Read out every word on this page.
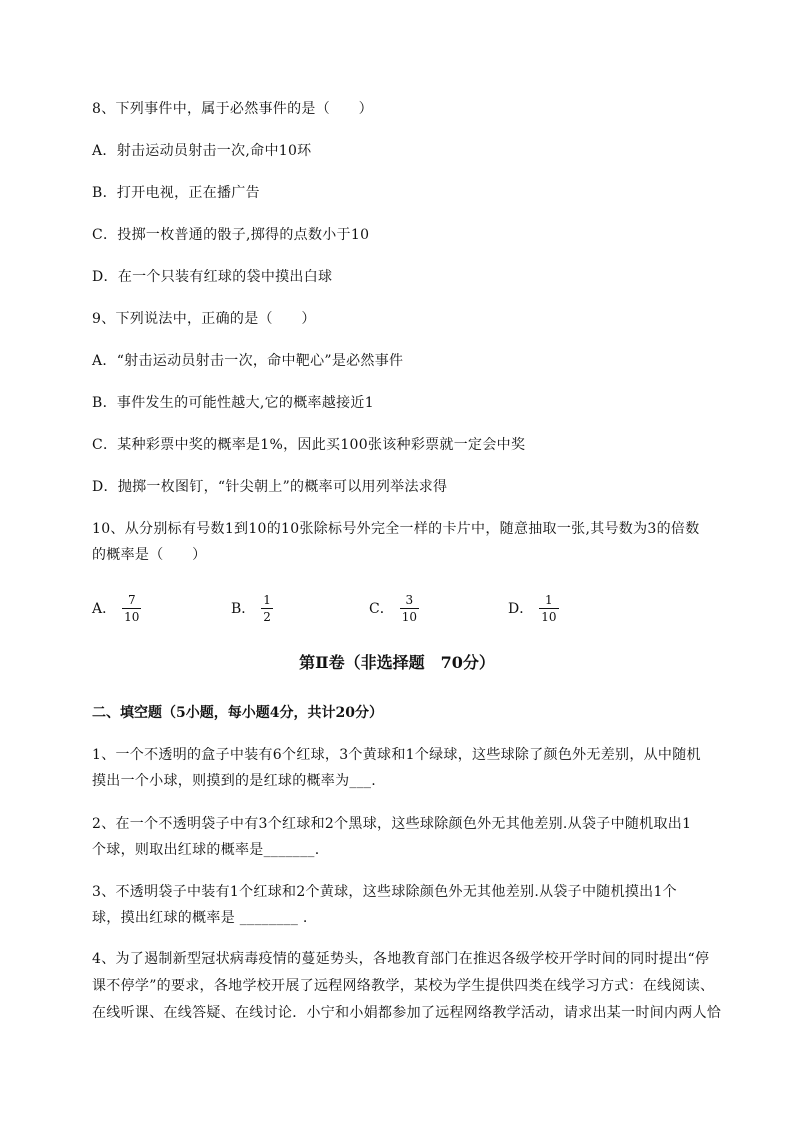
8、下列事件中，属于必然事件的是（　　）
A．射击运动员射击一次,命中10环
B．打开电视，正在播广告
C．投掷一枚普通的骰子,掷得的点数小于10
D．在一个只装有红球的袋中摸出白球
9、下列说法中，正确的是（　　）
A．“射击运动员射击一次，命中靶心”是必然事件
B．事件发生的可能性越大,它的概率越接近1
C．某种彩票中奖的概率是1%，因此买100张该种彩票就一定会中奖
D．抛掷一枚图钉，“针尖朝上”的概率可以用列举法求得
10、从分别标有号数1到10的10张除标号外完全一样的卡片中，随意抽取一张,其号数为3的倍数
的概率是（　　）
A． $\frac{7}{10}$	B． $\frac{1}{2}$	C． $\frac{3}{10}$	D． $\frac{1}{10}$
第Ⅱ卷（非选择题　70分）
二、填空题（5小题，每小题4分，共计20分）
1、一个不透明的盒子中装有6个红球，3个黄球和1个绿球，这些球除了颜色外无差别，从中随机
摸出一个小球，则摸到的是红球的概率为___.
2、在一个不透明袋子中有3个红球和2个黑球，这些球除颜色外无其他差别.从袋子中随机取出1
个球，则取出红球的概率是_______.
3、不透明袋子中装有1个红球和2个黄球，这些球除颜色外无其他差别.从袋子中随机摸出1个
球，摸出红球的概率是 ________ .
4、为了遏制新型冠状病毒疫情的蔓延势头，各地教育部门在推迟各级学校开学时间的同时提出“停
课不停学”的要求，各地学校开展了远程网络教学，某校为学生提供四类在线学习方式：在线阅读、
在线听课、在线答疑、在线讨论．小宁和小娟都参加了远程网络教学活动，请求出某一时间内两人恰
